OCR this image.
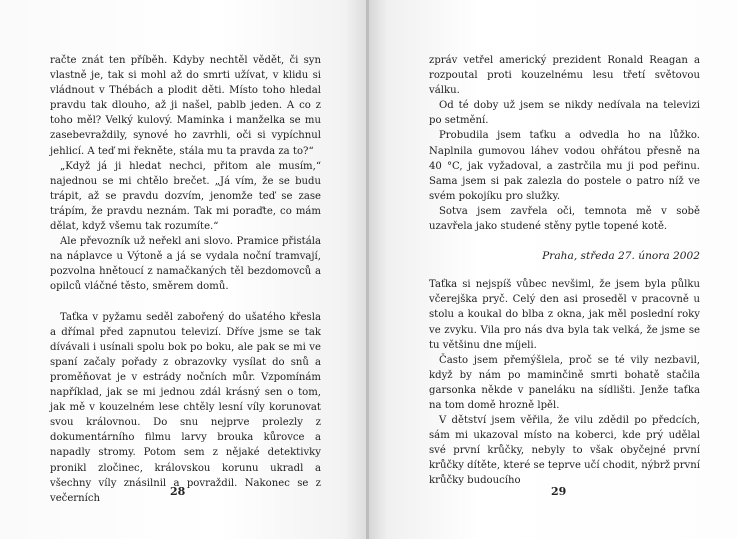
račte znát ten příběh. Kdyby nechtěl vědět, či syn vlastně je, tak si mohl až do smrti užívat, v klidu si vládnout v Thébách a plodit děti. Místo toho hledal pravdu tak dlouho, až ji našel, pablb jeden. A co z toho měl? Velký kulový. Maminka i manželka se mu zasebevraždily, synové ho zavrhli, oči si vypíchnul jehlicí. A teď mi řekněte, stála mu ta pravda za to?“

„Když já ji hledat nechci, přitom ale musím,“ najednou se mi chtělo brečet. „Já vím, že se budu trápit, až se pravdu dozvím, jenomže teď se zase trápím, že pravdu neznám. Tak mi poraďte, co mám dělat, když všemu tak rozumíte.“

Ale převozník už neřekl ani slovo. Pramice přistála na náplavce u Výtoně a já se vydala noční tramvají, pozvolna hnětoucí z namačkaných těl bezdomovců a opilců vláčné těsto, směrem domů.

Taťka v pyžamu seděl zabořený do ušatého křesla a dřímal před zapnutou televizí. Dříve jsme se tak dívávali i usínali spolu bok po boku, ale pak se mi ve spaní začaly pořady z obrazovky vysílat do snů a proměňovat je v estrády nočních můr. Vzpomínám například, jak se mi jednou zdál krásný sen o tom, jak mě v kouzelném lese chtěly lesní víly korunovat svou královnou. Do snu nejprve prolezly z dokumentárního filmu larvy brouka kůrovce a napadly stromy. Potom sem z nějaké detektivky pronikl zločinec, královskou korunu ukradl a všechny víly znásilnil a povraždil. Nakonec se z večerních

28

zpráv vetřel americký prezident Ronald Reagan a rozpoutal proti kouzelnému lesu třetí světovou válku.

Od té doby už jsem se nikdy nedívala na televizi po setmění.

Probudila jsem taťku a odvedla ho na lůžko. Naplnila gumovou láhev vodou ohřátou přesně na 40 °C, jak vyžadoval, a zastrčila mu ji pod peřinu. Sama jsem si pak zalezla do postele o patro níž ve svém pokojíku pro služky.

Sotva jsem zavřela oči, temnota mě v sobě uzavřela jako studené stěny pytle topené kotě.

Praha, středa 27. února 2002

Taťka si nejspíš vůbec nevšiml, že jsem byla půlku včerejška pryč. Celý den asi proseděl v pracovně u stolu a koukal do blba z okna, jak měl poslední roky ve zvyku. Vila pro nás dva byla tak velká, že jsme se tu většinu dne míjeli.

Často jsem přemýšlela, proč se té vily nezbavil, když by nám po maminčině smrti bohatě stačila garsonka někde v paneláku na sídlišti. Jenže taťka na tom domě hrozně lpěl.

V dětství jsem věřila, že vilu zdědil po předcích, sám mi ukazoval místo na koberci, kde prý udělal své první krůčky, nebyly to však obyčejné první krůčky dítěte, které se teprve učí chodit, nýbrž první krůčky budoucího

29
